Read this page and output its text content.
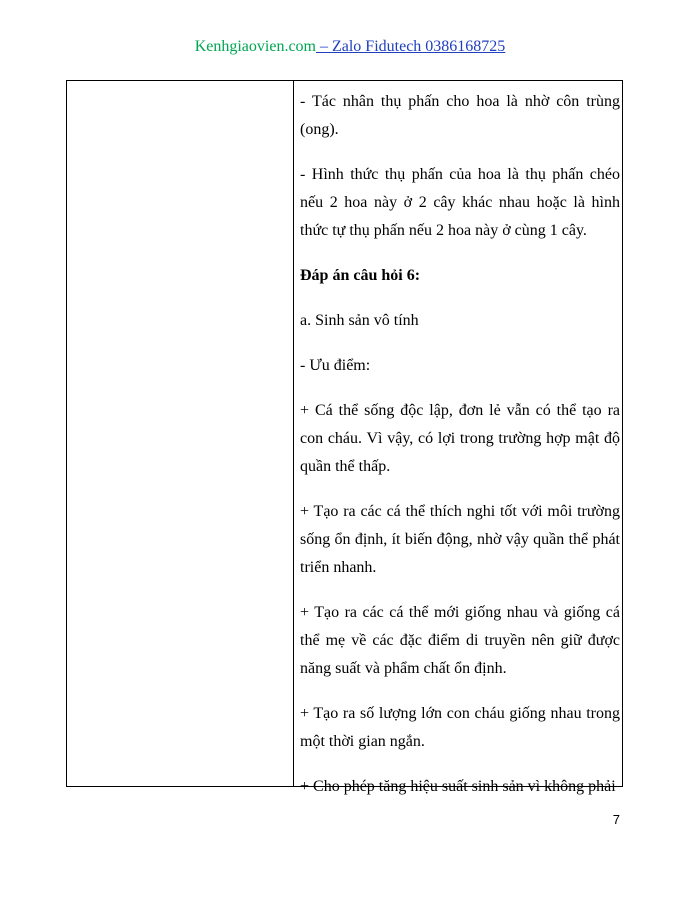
Kenhgiaovien.com – Zalo Fidutech 0386168725

- Tác nhân thụ phấn cho hoa là nhờ côn trùng (ong).

- Hình thức thụ phấn của hoa là thụ phấn chéo nếu 2 hoa này ở 2 cây khác nhau hoặc là hình thức tự thụ phấn nếu 2 hoa này ở cùng 1 cây.

Đáp án câu hỏi 6:

a. Sinh sản vô tính

- Ưu điểm:

+ Cá thể sống độc lập, đơn lẻ vẫn có thể tạo ra con cháu. Vì vậy, có lợi trong trường hợp mật độ quần thể thấp.

+ Tạo ra các cá thể thích nghi tốt với môi trường sống ổn định, ít biến động, nhờ vậy quần thể phát triển nhanh.

+ Tạo ra các cá thể mới giống nhau và giống cá thể mẹ về các đặc điểm di truyền nên giữ được năng suất và phẩm chất ổn định.

+ Tạo ra số lượng lớn con cháu giống nhau trong một thời gian ngắn.

+ Cho phép tăng hiệu suất sinh sản vì không phải

7
